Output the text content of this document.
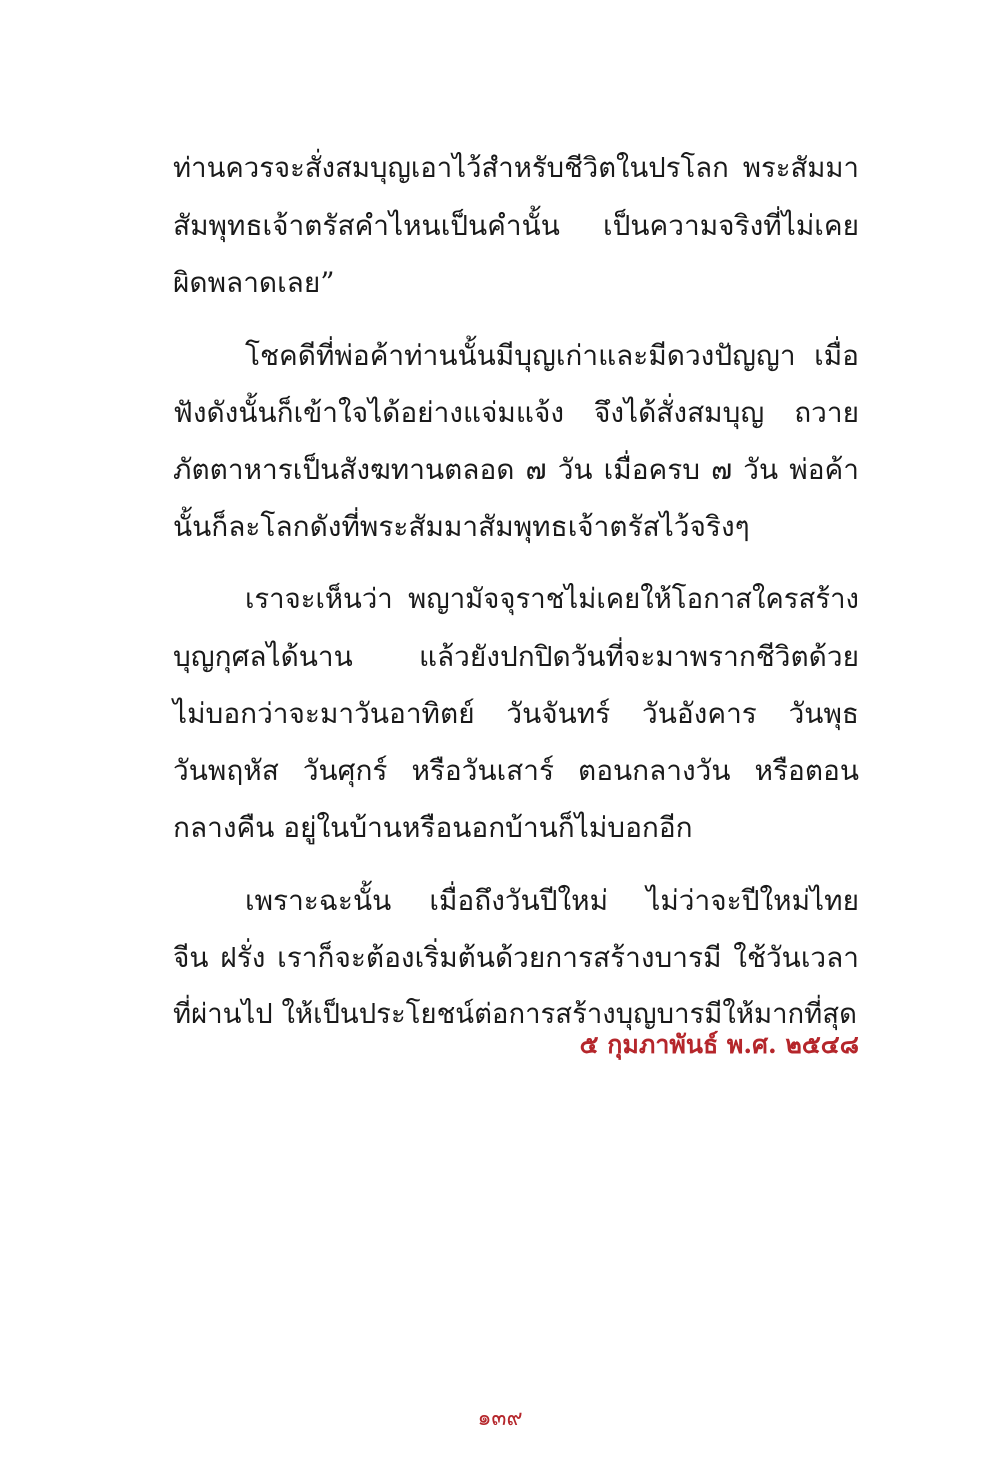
ท่านควรจะสั่งสมบุญเอาไว้สำหรับชีวิตในปรโลก พระสัมมา
สัมพุทธเจ้าตรัสคำไหนเป็นคำนั้น เป็นความจริงที่ไม่เคย
ผิดพลาดเลย”
โชคดีที่พ่อค้าท่านนั้นมีบุญเก่าและมีดวงปัญญา เมื่อ
ฟังดังนั้นก็เข้าใจได้อย่างแจ่มแจ้ง จึงได้สั่งสมบุญ ถวาย
ภัตตาหารเป็นสังฆทานตลอด ๗ วัน เมื่อครบ ๗ วัน พ่อค้า
นั้นก็ละโลกดังที่พระสัมมาสัมพุทธเจ้าตรัสไว้จริงๆ
เราจะเห็นว่า พญามัจจุราชไม่เคยให้โอกาสใครสร้าง
บุญกุศลได้นาน แล้วยังปกปิดวันที่จะมาพรากชีวิตด้วย
ไม่บอกว่าจะมาวันอาทิตย์ วันจันทร์ วันอังคาร วันพุธ
วันพฤหัส วันศุกร์ หรือวันเสาร์ ตอนกลางวัน หรือตอน
กลางคืน อยู่ในบ้านหรือนอกบ้านก็ไม่บอกอีก
เพราะฉะนั้น เมื่อถึงวันปีใหม่ ไม่ว่าจะปีใหม่ไทย
จีน ฝรั่ง เราก็จะต้องเริ่มต้นด้วยการสร้างบารมี ใช้วันเวลา
ที่ผ่านไป ให้เป็นประโยชน์ต่อการสร้างบุญบารมีให้มากที่สุด
๕ กุมภาพันธ์ พ.ศ. ๒๕๔๘
๑๓๙
